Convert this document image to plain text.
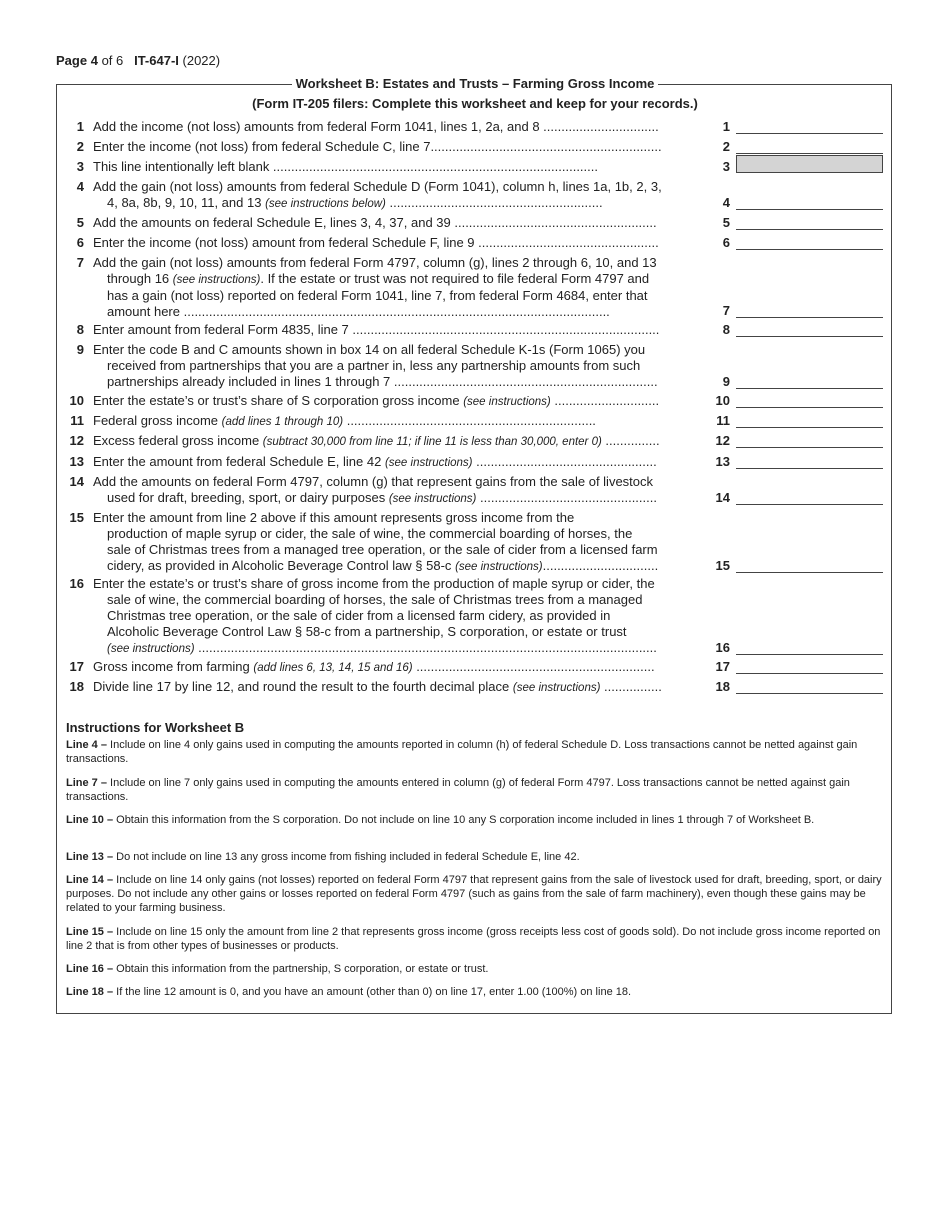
Page 4 of 6 IT-647-I (2022)
Worksheet B: Estates and Trusts – Farming Gross Income
(Form IT-205 filers: Complete this worksheet and keep for your records.)
1 Add the income (not loss) amounts from federal Form 1041, lines 1, 2a, and 8 ................................	1
2 Enter the income (not loss) from federal Schedule C, line 7................................................................	2
3 This line intentionally left blank ..........................................................................................	3
4 Add the gain (not loss) amounts from federal Schedule D (Form 1041), column h, lines 1a, 1b, 2, 3,
4, 8a, 8b, 9, 10, 11, and 13 (see instructions below) ...........................................................	4
5 Add the amounts on federal Schedule E, lines 3, 4, 37, and 39 ........................................................	5
6 Enter the income (not loss) amount from federal Schedule F, line 9 ..................................................	6
7 Add the gain (not loss) amounts from federal Form 4797, column (g), lines 2 through 6, 10, and 13
through 16 (see instructions). If the estate or trust was not required to file federal Form 4797 and
has a gain (not loss) reported on federal Form 1041, line 7, from federal Form 4684, enter that
amount here ......................................................................................................................	7
8 Enter amount from federal Form 4835, line 7 .....................................................................................	8
9 Enter the code B and C amounts shown in box 14 on all federal Schedule K-1s (Form 1065) you
received from partnerships that you are a partner in, less any partnership amounts from such
partnerships already included in lines 1 through 7 .........................................................................	9
10 Enter the estate’s or trust’s share of S corporation gross income (see instructions) .............................	10
11 Federal gross income (add lines 1 through 10) .....................................................................	11
12 Excess federal gross income (subtract 30,000 from line 11; if line 11 is less than 30,000, enter 0) ...............	12
13 Enter the amount from federal Schedule E, line 42 (see instructions) ..................................................	13
14 Add the amounts on federal Form 4797, column (g) that represent gains from the sale of livestock
used for draft, breeding, sport, or dairy purposes (see instructions) .................................................	14
15 Enter the amount from line 2 above if this amount represents gross income from the
production of maple syrup or cider, the sale of wine, the commercial boarding of horses, the
sale of Christmas trees from a managed tree operation, or the sale of cider from a licensed farm
cidery, as provided in Alcoholic Beverage Control law § 58-c (see instructions)................................	15
16 Enter the estate’s or trust’s share of gross income from the production of maple syrup or cider, the
sale of wine, the commercial boarding of horses, the sale of Christmas trees from a managed
Christmas tree operation, or the sale of cider from a licensed farm cidery, as provided in
Alcoholic Beverage Control Law § 58-c from a partnership, S corporation, or estate or trust
(see instructions) ...............................................................................................................................	16
17 Gross income from farming (add lines 6, 13, 14, 15 and 16) ..................................................................	17
18 Divide line 17 by line 12, and round the result to the fourth decimal place (see instructions) ................	18
Instructions for Worksheet B
Line 4 – Include on line 4 only gains used in computing the amounts reported in column (h) of federal Schedule D. Loss transactions cannot be netted against gain transactions.
Line 7 – Include on line 7 only gains used in computing the amounts entered in column (g) of federal Form 4797. Loss transactions cannot be netted against gain transactions.
Line 10 – Obtain this information from the S corporation. Do not include on line 10 any S corporation income included in lines 1 through 7 of Worksheet B.
Line 13 – Do not include on line 13 any gross income from fishing included in federal Schedule E, line 42.
Line 14 – Include on line 14 only gains (not losses) reported on federal Form 4797 that represent gains from the sale of livestock used for draft, breeding, sport, or dairy purposes. Do not include any other gains or losses reported on federal Form 4797 (such as gains from the sale of farm machinery), even though these gains may be related to your farming business.
Line 15 – Include on line 15 only the amount from line 2 that represents gross income (gross receipts less cost of goods sold). Do not include gross income reported on line 2 that is from other types of businesses or products.
Line 16 – Obtain this information from the partnership, S corporation, or estate or trust.
Line 18 – If the line 12 amount is 0, and you have an amount (other than 0) on line 17, enter 1.00 (100%) on line 18.
